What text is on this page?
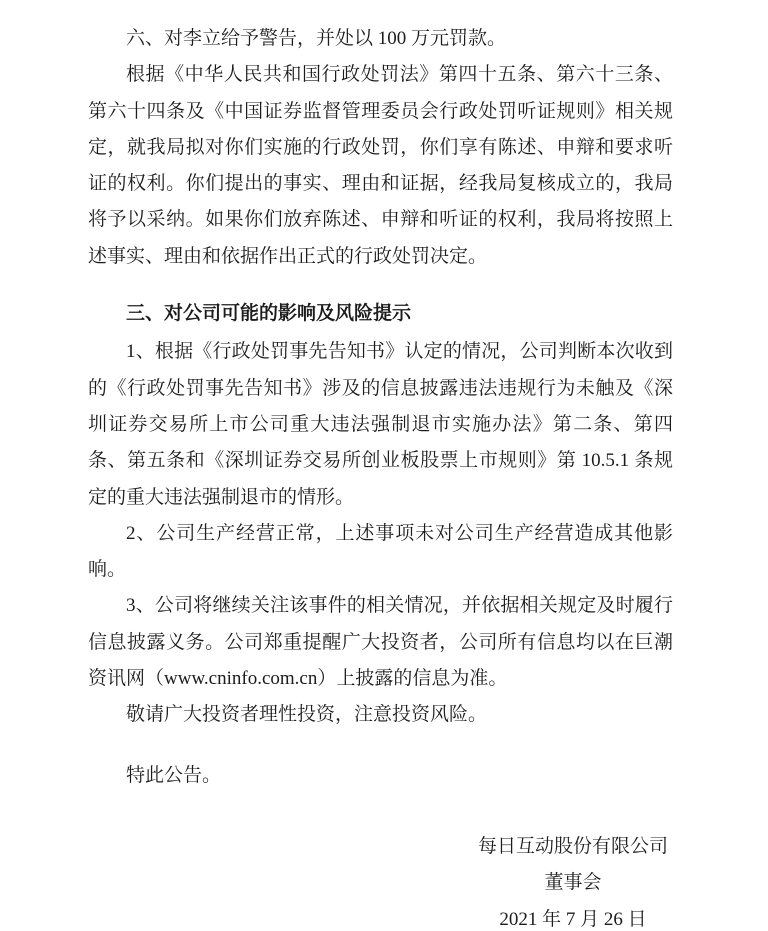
六、对李立给予警告，并处以 100 万元罚款。

根据《中华人民共和国行政处罚法》第四十五条、第六十三条、第六十四条及《中国证券监督管理委员会行政处罚听证规则》相关规定，就我局拟对你们实施的行政处罚，你们享有陈述、申辩和要求听证的权利。你们提出的事实、理由和证据，经我局复核成立的，我局将予以采纳。如果你们放弃陈述、申辩和听证的权利，我局将按照上述事实、理由和依据作出正式的行政处罚决定。

三、对公司可能的影响及风险提示

1、根据《行政处罚事先告知书》认定的情况，公司判断本次收到的《行政处罚事先告知书》涉及的信息披露违法违规行为未触及《深圳证券交易所上市公司重大违法强制退市实施办法》第二条、第四条、第五条和《深圳证券交易所创业板股票上市规则》第 10.5.1 条规定的重大违法强制退市的情形。

2、公司生产经营正常，上述事项未对公司生产经营造成其他影响。

3、公司将继续关注该事件的相关情况，并依据相关规定及时履行信息披露义务。公司郑重提醒广大投资者，公司所有信息均以在巨潮资讯网（www.cninfo.com.cn）上披露的信息为准。

敬请广大投资者理性投资，注意投资风险。

特此公告。

每日互动股份有限公司

董事会

2021 年 7 月 26 日
